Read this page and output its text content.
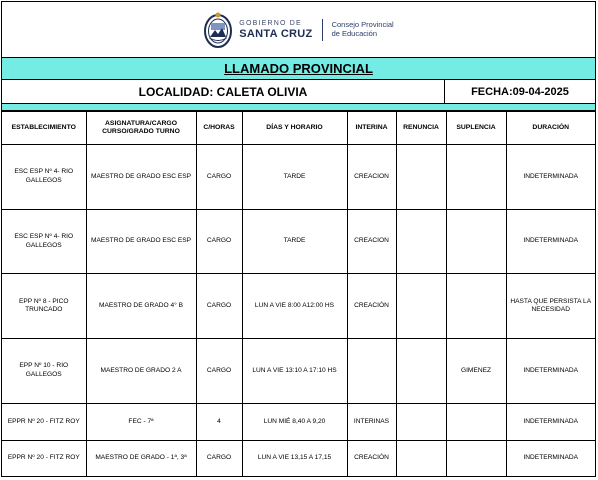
GOBIERNO DE
SANTA CRUZ
Consejo Provincial
de Educación
LLAMADO PROVINCIAL
LOCALIDAD: CALETA OLIVIA	FECHA:09-04-2025
ESTABLECIMIENTO	ASIGNATURA/CARGO CURSO/GRADO TURNO	C/HORAS	DÍAS Y HORARIO	INTERINA	RENUNCIA	SUPLENCIA	DURACIÓN
ESC ESP Nº 4- RIO GALLEGOS	MAESTRO DE GRADO ESC ESP	CARGO	TARDE	CREACION			INDETERMINADA
ESC ESP Nº 4- RIO GALLEGOS	MAESTRO DE GRADO ESC ESP	CARGO	TARDE	CREACION			INDETERMINADA
EPP Nº 8 - PICO TRUNCADO	MAESTRO DE GRADO 4° B	CARGO	LUN A VIE 8:00 A12:00 HS	CREACIÓN			HASTA QUE PERSISTA LA NECESIDAD
EPP Nº 10 - RIO GALLEGOS	MAESTRO DE GRADO 2 A	CARGO	LUN A VIE 13:10 A 17:10 HS			GIMENEZ	INDETERMINADA
EPPR Nº 20 - FITZ ROY	FEC - 7ª	4	LUN MIÉ 8,40 A 9,20	INTERINAS			INDETERMINADA
EPPR Nº 20 - FITZ ROY	MAESTRO DE GRADO - 1ª, 3ª	CARGO	LUN A VIE 13,15 A 17,15	CREACIÓN			INDETERMINADA
